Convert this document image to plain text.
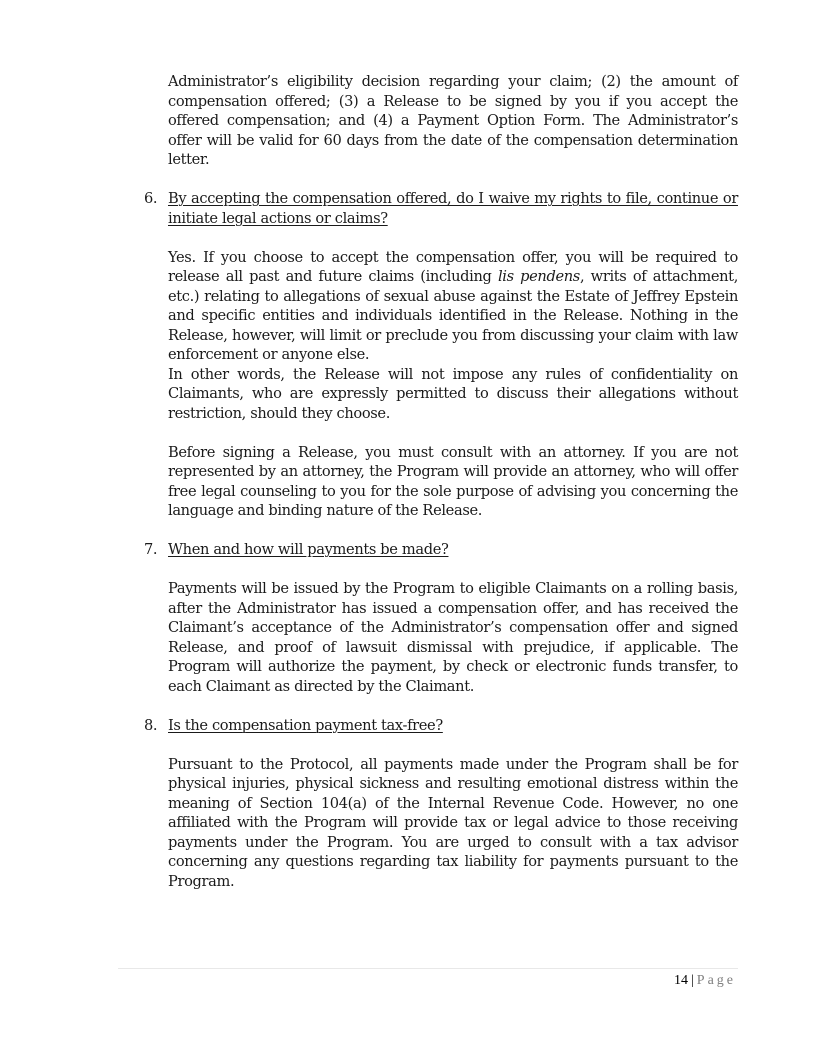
Administrator’s eligibility decision regarding your claim; (2) the amount of compensation offered; (3) a Release to be signed by you if you accept the offered compensation; and (4) a Payment Option Form. The Administrator’s offer will be valid for 60 days from the date of the compensation determination letter.

6. By accepting the compensation offered, do I waive my rights to file, continue or initiate legal actions or claims?

Yes. If you choose to accept the compensation offer, you will be required to release all past and future claims (including lis pendens, writs of attachment, etc.) relating to allegations of sexual abuse against the Estate of Jeffrey Epstein and specific entities and individuals identified in the Release. Nothing in the Release, however, will limit or preclude you from discussing your claim with law enforcement or anyone else.

In other words, the Release will not impose any rules of confidentiality on Claimants, who are expressly permitted to discuss their allegations without restriction, should they choose.

Before signing a Release, you must consult with an attorney. If you are not represented by an attorney, the Program will provide an attorney, who will offer free legal counseling to you for the sole purpose of advising you concerning the language and binding nature of the Release.

7. When and how will payments be made?

Payments will be issued by the Program to eligible Claimants on a rolling basis, after the Administrator has issued a compensation offer, and has received the Claimant’s acceptance of the Administrator’s compensation offer and signed Release, and proof of lawsuit dismissal with prejudice, if applicable. The Program will authorize the payment, by check or electronic funds transfer, to each Claimant as directed by the Claimant.

8. Is the compensation payment tax-free?

Pursuant to the Protocol, all payments made under the Program shall be for physical injuries, physical sickness and resulting emotional distress within the meaning of Section 104(a) of the Internal Revenue Code. However, no one affiliated with the Program will provide tax or legal advice to those receiving payments under the Program. You are urged to consult with a tax advisor concerning any questions regarding tax liability for payments pursuant to the Program.

14 | Page
